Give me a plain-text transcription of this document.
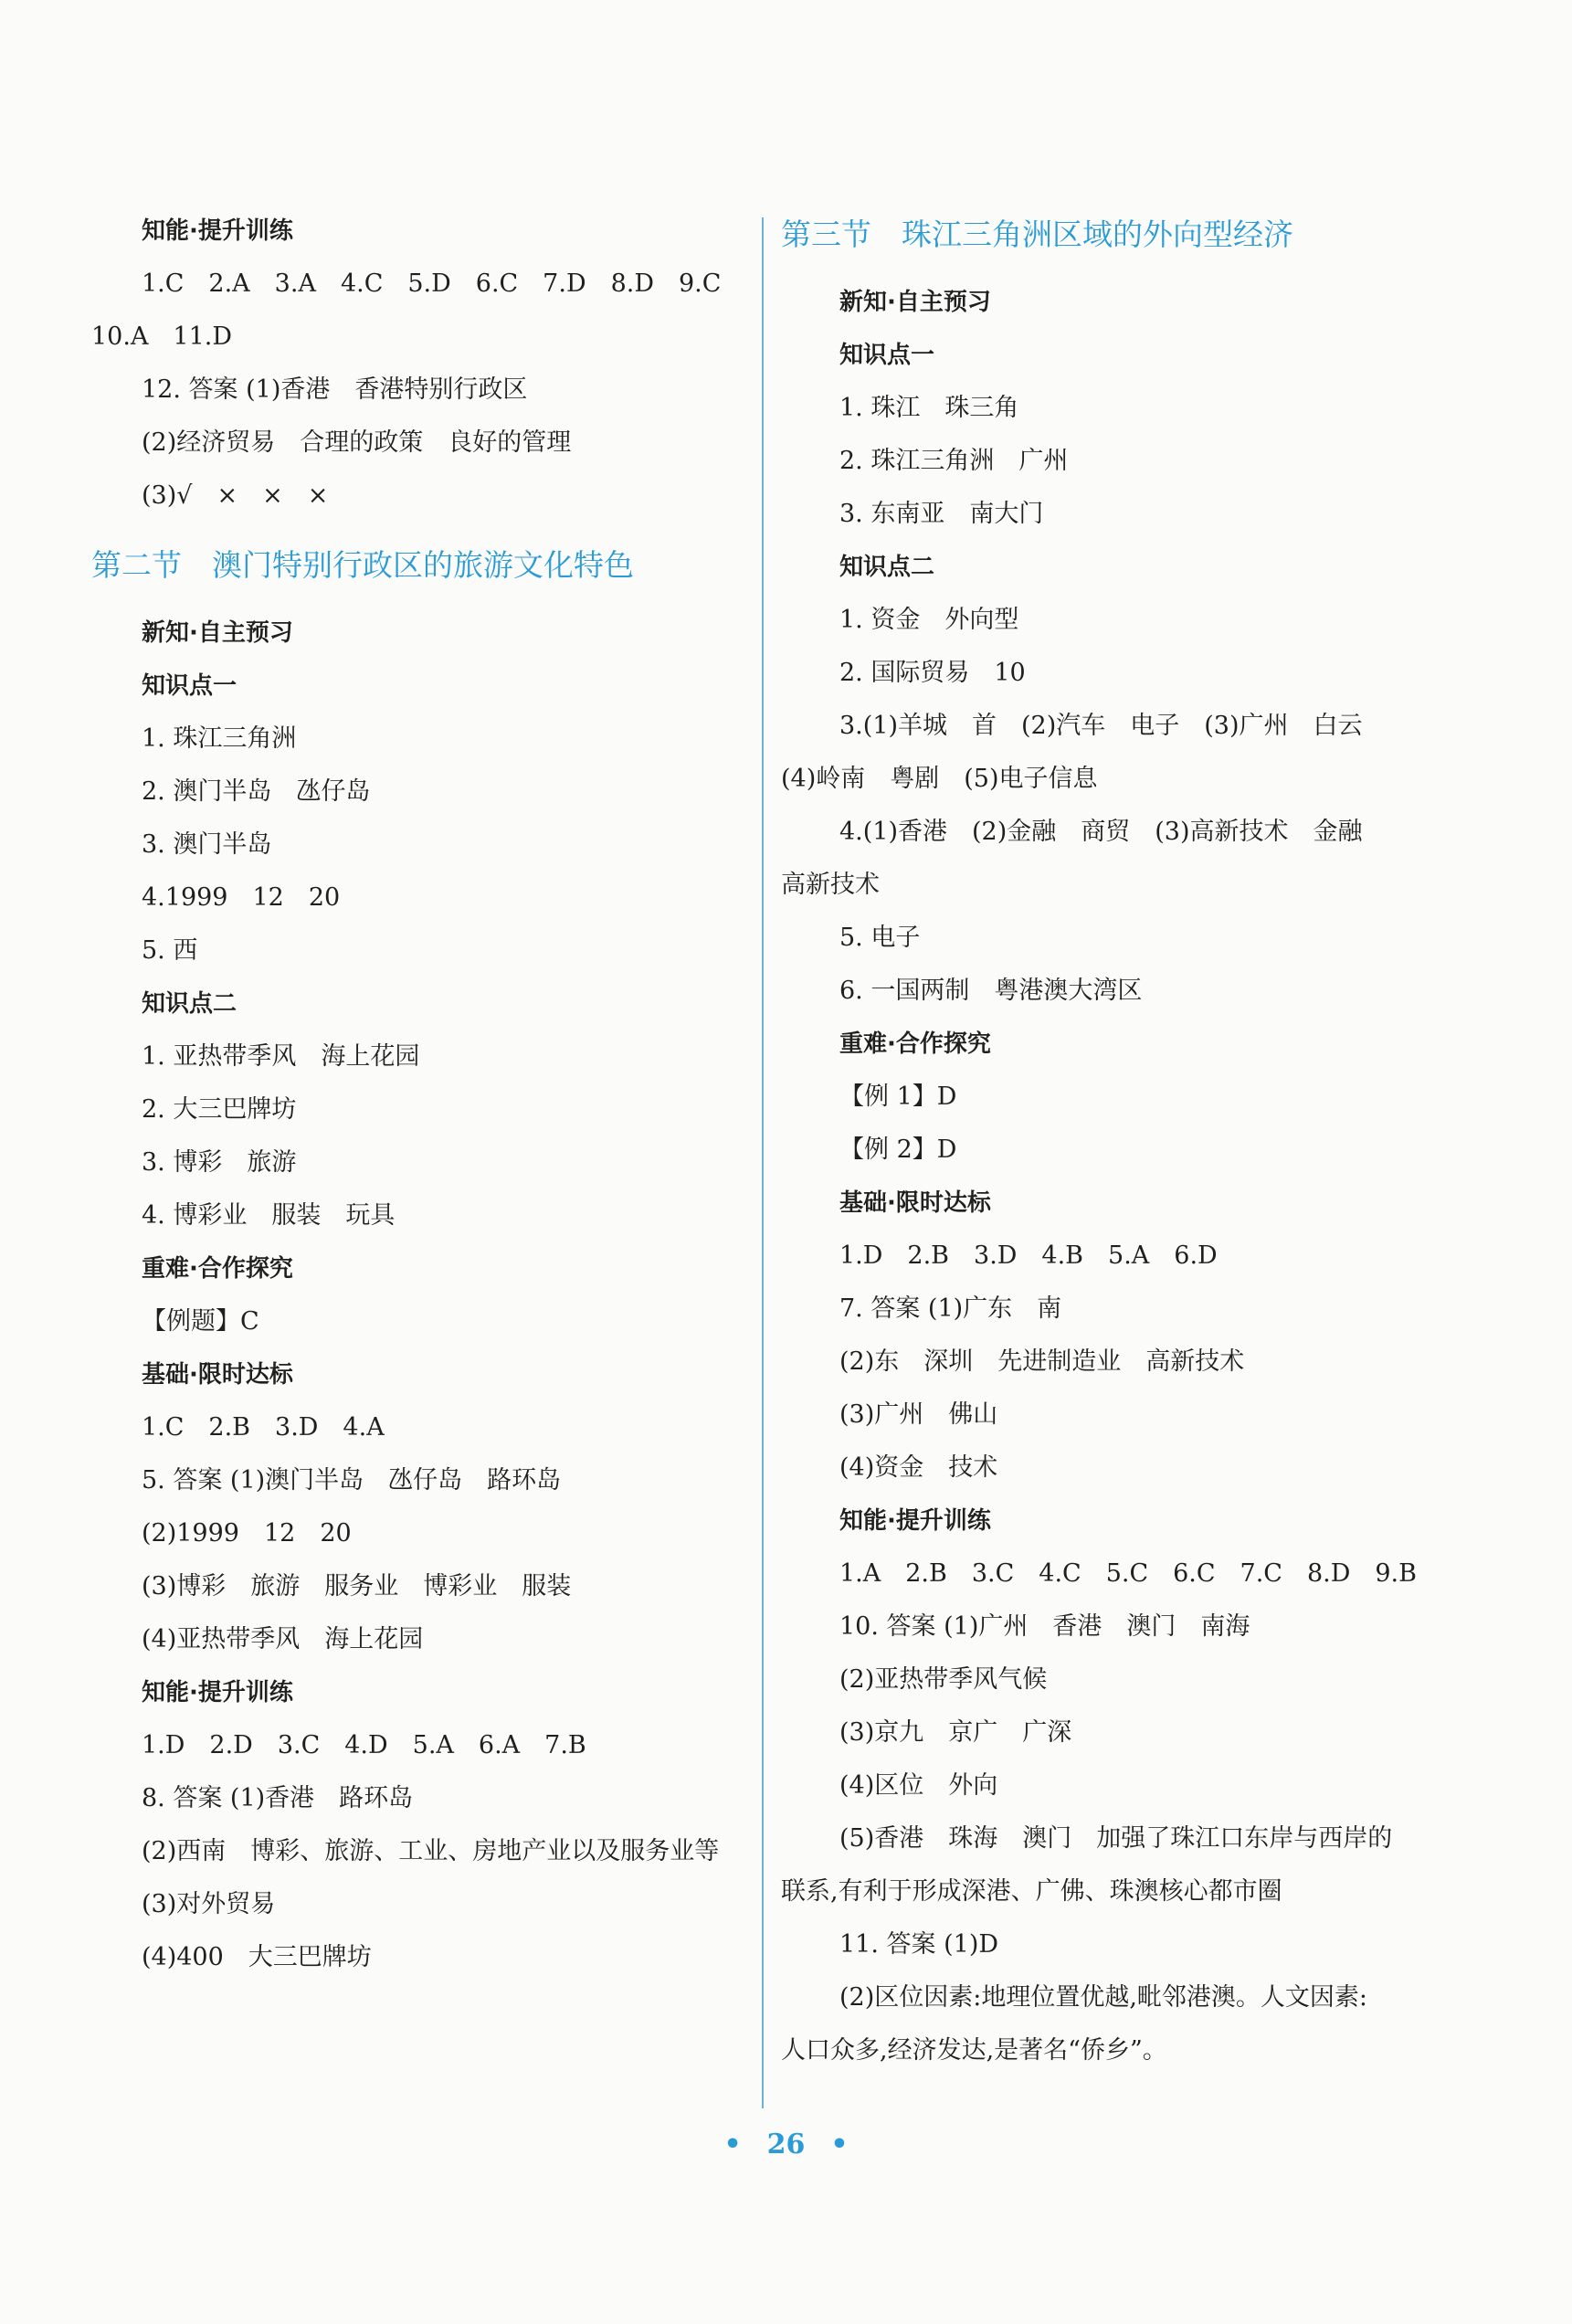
知能·提升训练
1.C　2.A　3.A　4.C　5.D　6.C　7.D　8.D　9.C
10.A　11.D
12. 答案 (1)香港　香港特别行政区
(2)经济贸易　合理的政策　良好的管理
(3)√　×　×　×
第二节　澳门特别行政区的旅游文化特色
新知·自主预习
知识点一
1. 珠江三角洲
2. 澳门半岛　氹仔岛
3. 澳门半岛
4.1999　12　20
5. 西
知识点二
1. 亚热带季风　海上花园
2. 大三巴牌坊
3. 博彩　旅游
4. 博彩业　服装　玩具
重难·合作探究
【例题】C
基础·限时达标
1.C　2.B　3.D　4.A
5. 答案 (1)澳门半岛　氹仔岛　路环岛
(2)1999　12　20
(3)博彩　旅游　服务业　博彩业　服装
(4)亚热带季风　海上花园
知能·提升训练
1.D　2.D　3.C　4.D　5.A　6.A　7.B
8. 答案 (1)香港　路环岛
(2)西南　博彩、旅游、工业、房地产业以及服务业等
(3)对外贸易
(4)400　大三巴牌坊
第三节　珠江三角洲区域的外向型经济
新知·自主预习
知识点一
1. 珠江　珠三角
2. 珠江三角洲　广州
3. 东南亚　南大门
知识点二
1. 资金　外向型
2. 国际贸易　10
3.(1)羊城　首　(2)汽车　电子　(3)广州　白云
(4)岭南　粤剧　(5)电子信息
4.(1)香港　(2)金融　商贸　(3)高新技术　金融
高新技术
5. 电子
6. 一国两制　粤港澳大湾区
重难·合作探究
【例 1】D
【例 2】D
基础·限时达标
1.D　2.B　3.D　4.B　5.A　6.D
7. 答案 (1)广东　南
(2)东　深圳　先进制造业　高新技术
(3)广州　佛山
(4)资金　技术
知能·提升训练
1.A　2.B　3.C　4.C　5.C　6.C　7.C　8.D　9.B
10. 答案 (1)广州　香港　澳门　南海
(2)亚热带季风气候
(3)京九　京广　广深
(4)区位　外向
(5)香港　珠海　澳门　加强了珠江口东岸与西岸的
联系,有利于形成深港、广佛、珠澳核心都市圈
11. 答案 (1)D
(2)区位因素:地理位置优越,毗邻港澳。人文因素:
人口众多,经济发达,是著名“侨乡”。
• 26 •
